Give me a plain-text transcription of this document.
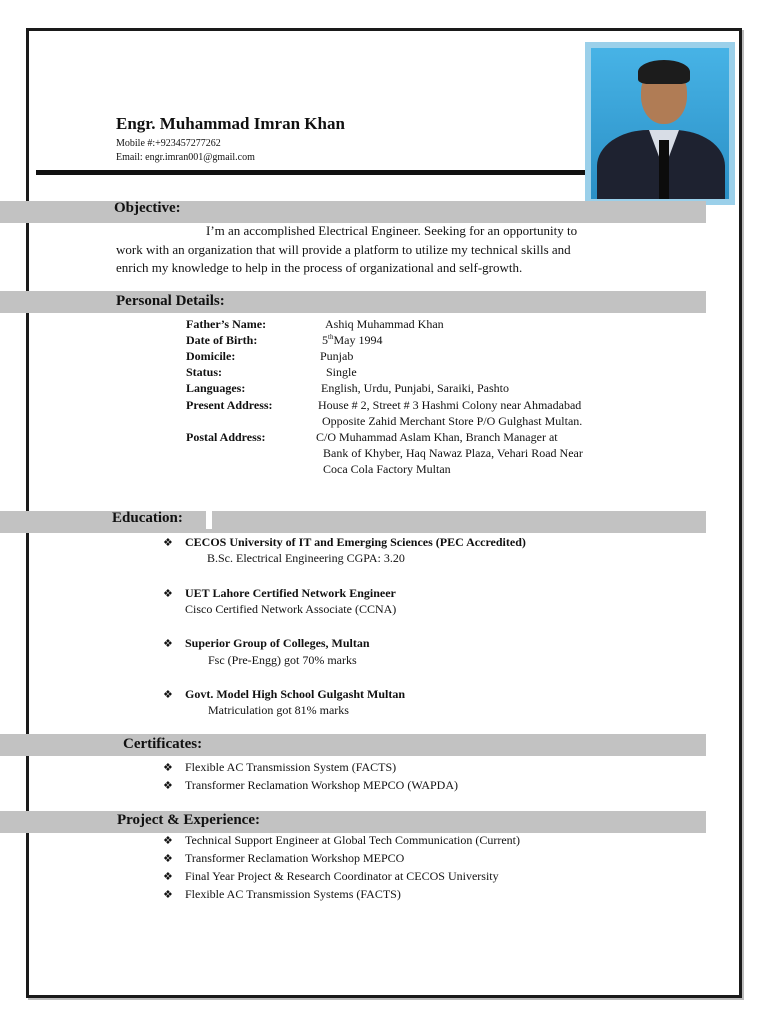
Engr. Muhammad Imran Khan
Mobile #:+923457277262
Email: engr.imran001@gmail.com
Objective:
I’m an accomplished Electrical Engineer. Seeking for an opportunity to
work with an organization that will provide a platform to utilize my technical skills and
enrich my knowledge to help in the process of organizational and self-growth.
Personal Details:
Father’s Name:	Ashiq Muhammad Khan
Date of Birth:	5thMay 1994
Domicile:	Punjab
Status:	Single
Languages:	English, Urdu, Punjabi, Saraiki, Pashto
Present Address:	House # 2, Street # 3 Hashmi Colony near Ahmadabad
Opposite Zahid Merchant Store P/O Gulghast Multan.
Postal Address:	C/O Muhammad Aslam Khan, Branch Manager at
Bank of Khyber, Haq Nawaz Plaza, Vehari Road Near
Coca Cola Factory Multan
Education:
❖ CECOS University of IT and Emerging Sciences (PEC Accredited)
B.Sc. Electrical Engineering CGPA: 3.20
❖ UET Lahore Certified Network Engineer
Cisco Certified Network Associate (CCNA)
❖ Superior Group of Colleges, Multan
Fsc (Pre-Engg) got 70% marks
❖ Govt. Model High School Gulgasht Multan
Matriculation got 81% marks
Certificates:
❖ Flexible AC Transmission System (FACTS)
❖ Transformer Reclamation Workshop MEPCO (WAPDA)
Project & Experience:
❖ Technical Support Engineer at Global Tech Communication (Current)
❖ Transformer Reclamation Workshop MEPCO
❖ Final Year Project & Research Coordinator at CECOS University
❖ Flexible AC Transmission Systems (FACTS)
